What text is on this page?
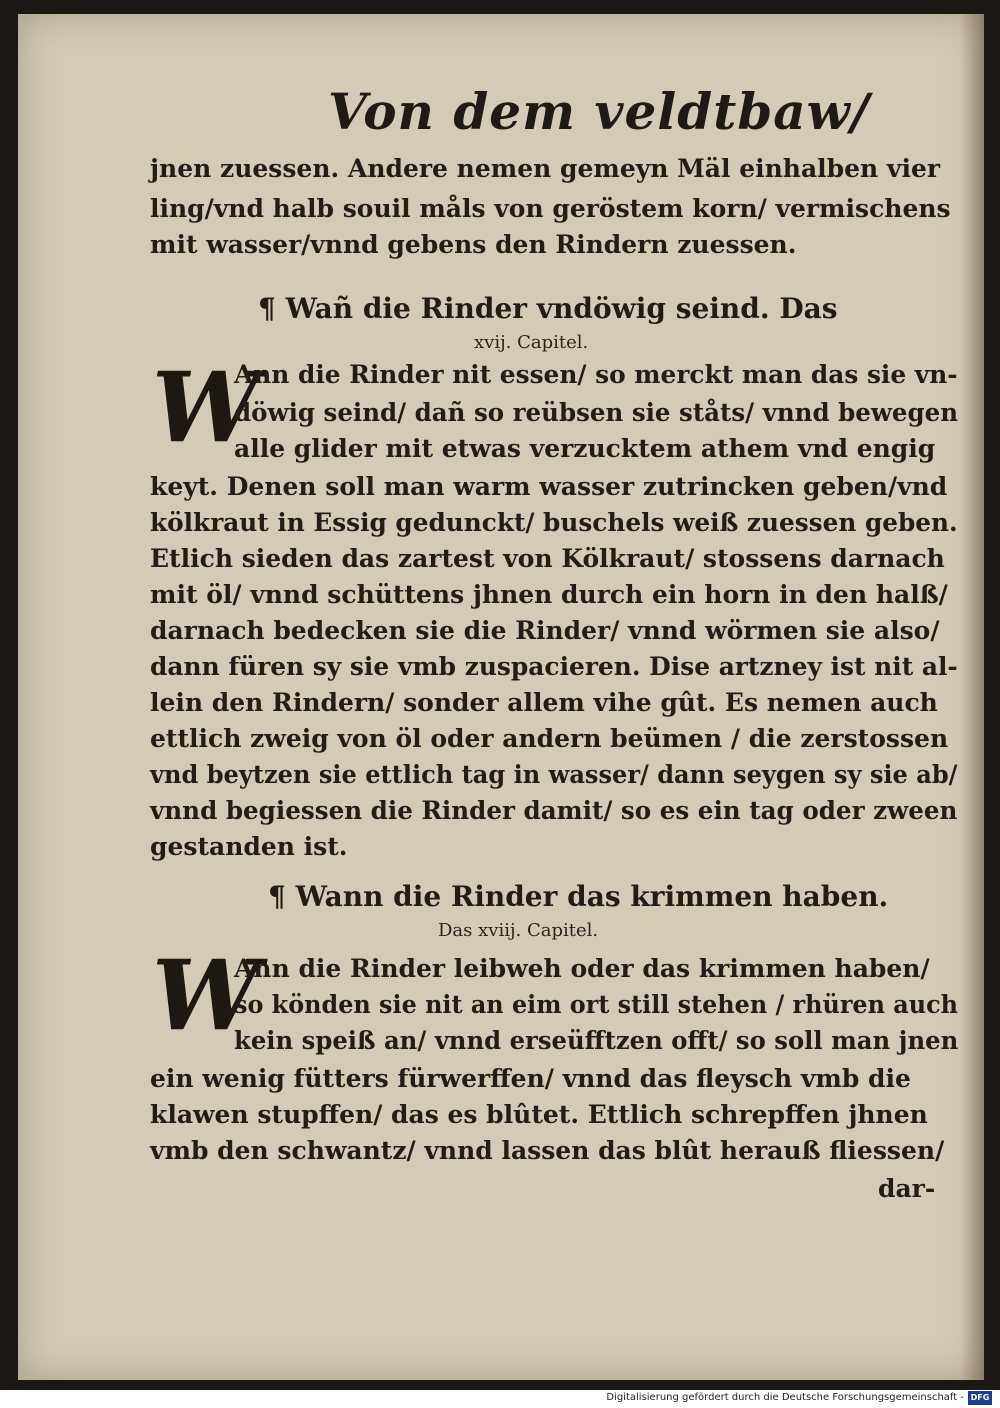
Von dem veldtbaw/
jnen zuessen. Andere nemen gemeyn Mäl einhalben vier
ling/vnd halb souil måls von geröstem korn/ vermischens
mit wasser/vnnd gebens den Rindern zuessen.
¶ Wañ die Rinder vndöwig seind. Das
xvij. Capitel.
W
Ann die Rinder nit essen/ so merckt man das sie vn-
döwig seind/ dañ so reübsen sie ståts/ vnnd bewegen
alle glider mit etwas verzucktem athem vnd engig
keyt. Denen soll man warm wasser zutrincken geben/vnd
kölkraut in Essig gedunckt/ buschels weiß zuessen geben.
Etlich sieden das zartest von Kölkraut/ stossens darnach
mit öl/ vnnd schüttens jhnen durch ein horn in den halß/
darnach bedecken sie die Rinder/ vnnd wörmen sie also/
dann füren sy sie vmb zuspacieren. Dise artzney ist nit al-
lein den Rindern/ sonder allem vihe gût. Es nemen auch
ettlich zweig von öl oder andern beümen / die zerstossen
vnd beytzen sie ettlich tag in wasser/ dann seygen sy sie ab/
vnnd begiessen die Rinder damit/ so es ein tag oder zween
gestanden ist.
¶ Wann die Rinder das krimmen haben.
Das xviij. Capitel.
W
Ann die Rinder leibweh oder das krimmen haben/
so könden sie nit an eim ort still stehen / rhüren auch
kein speiß an/ vnnd erseüfftzen offt/ so soll man jnen
ein wenig fütters fürwerffen/ vnnd das fleysch vmb die
klawen stupffen/ das es blûtet. Ettlich schrepffen jhnen
vmb den schwantz/ vnnd lassen das blût herauß fliessen/
dar-
Digitalisierung gefördert durch die Deutsche Forschungsgemeinschaft - DFG
